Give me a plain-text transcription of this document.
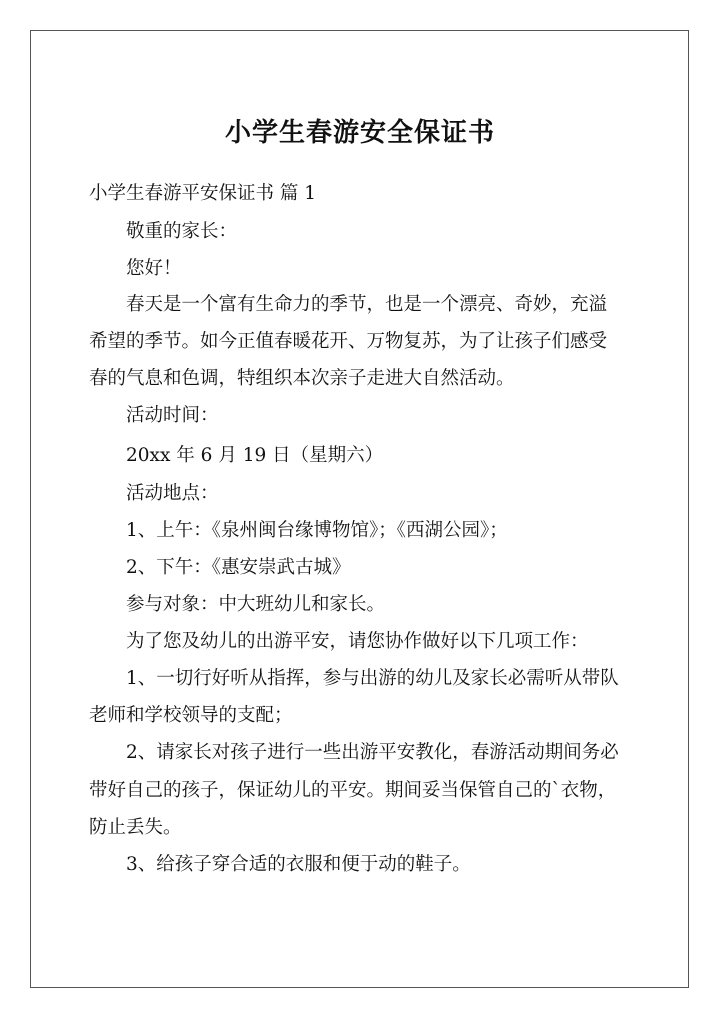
小学生春游安全保证书
小学生春游平安保证书 篇 1
敬重的家长：
您好！
春天是一个富有生命力的季节，也是一个漂亮、奇妙，充溢
希望的季节。如今正值春暖花开、万物复苏，为了让孩子们感受
春的气息和色调，特组织本次亲子走进大自然活动。
活动时间：
20xx 年 6 月 19 日（星期六）
活动地点：
1、上午：《泉州闽台缘博物馆》；《西湖公园》；
2、下午：《惠安崇武古城》
参与对象：中大班幼儿和家长。
为了您及幼儿的出游平安，请您协作做好以下几项工作：
1、一切行好听从指挥，参与出游的幼儿及家长必需听从带队
老师和学校领导的支配；
2、请家长对孩子进行一些出游平安教化，春游活动期间务必
带好自己的孩子，保证幼儿的平安。期间妥当保管自己的`衣物，
防止丢失。
3、给孩子穿合适的衣服和便于动的鞋子。
